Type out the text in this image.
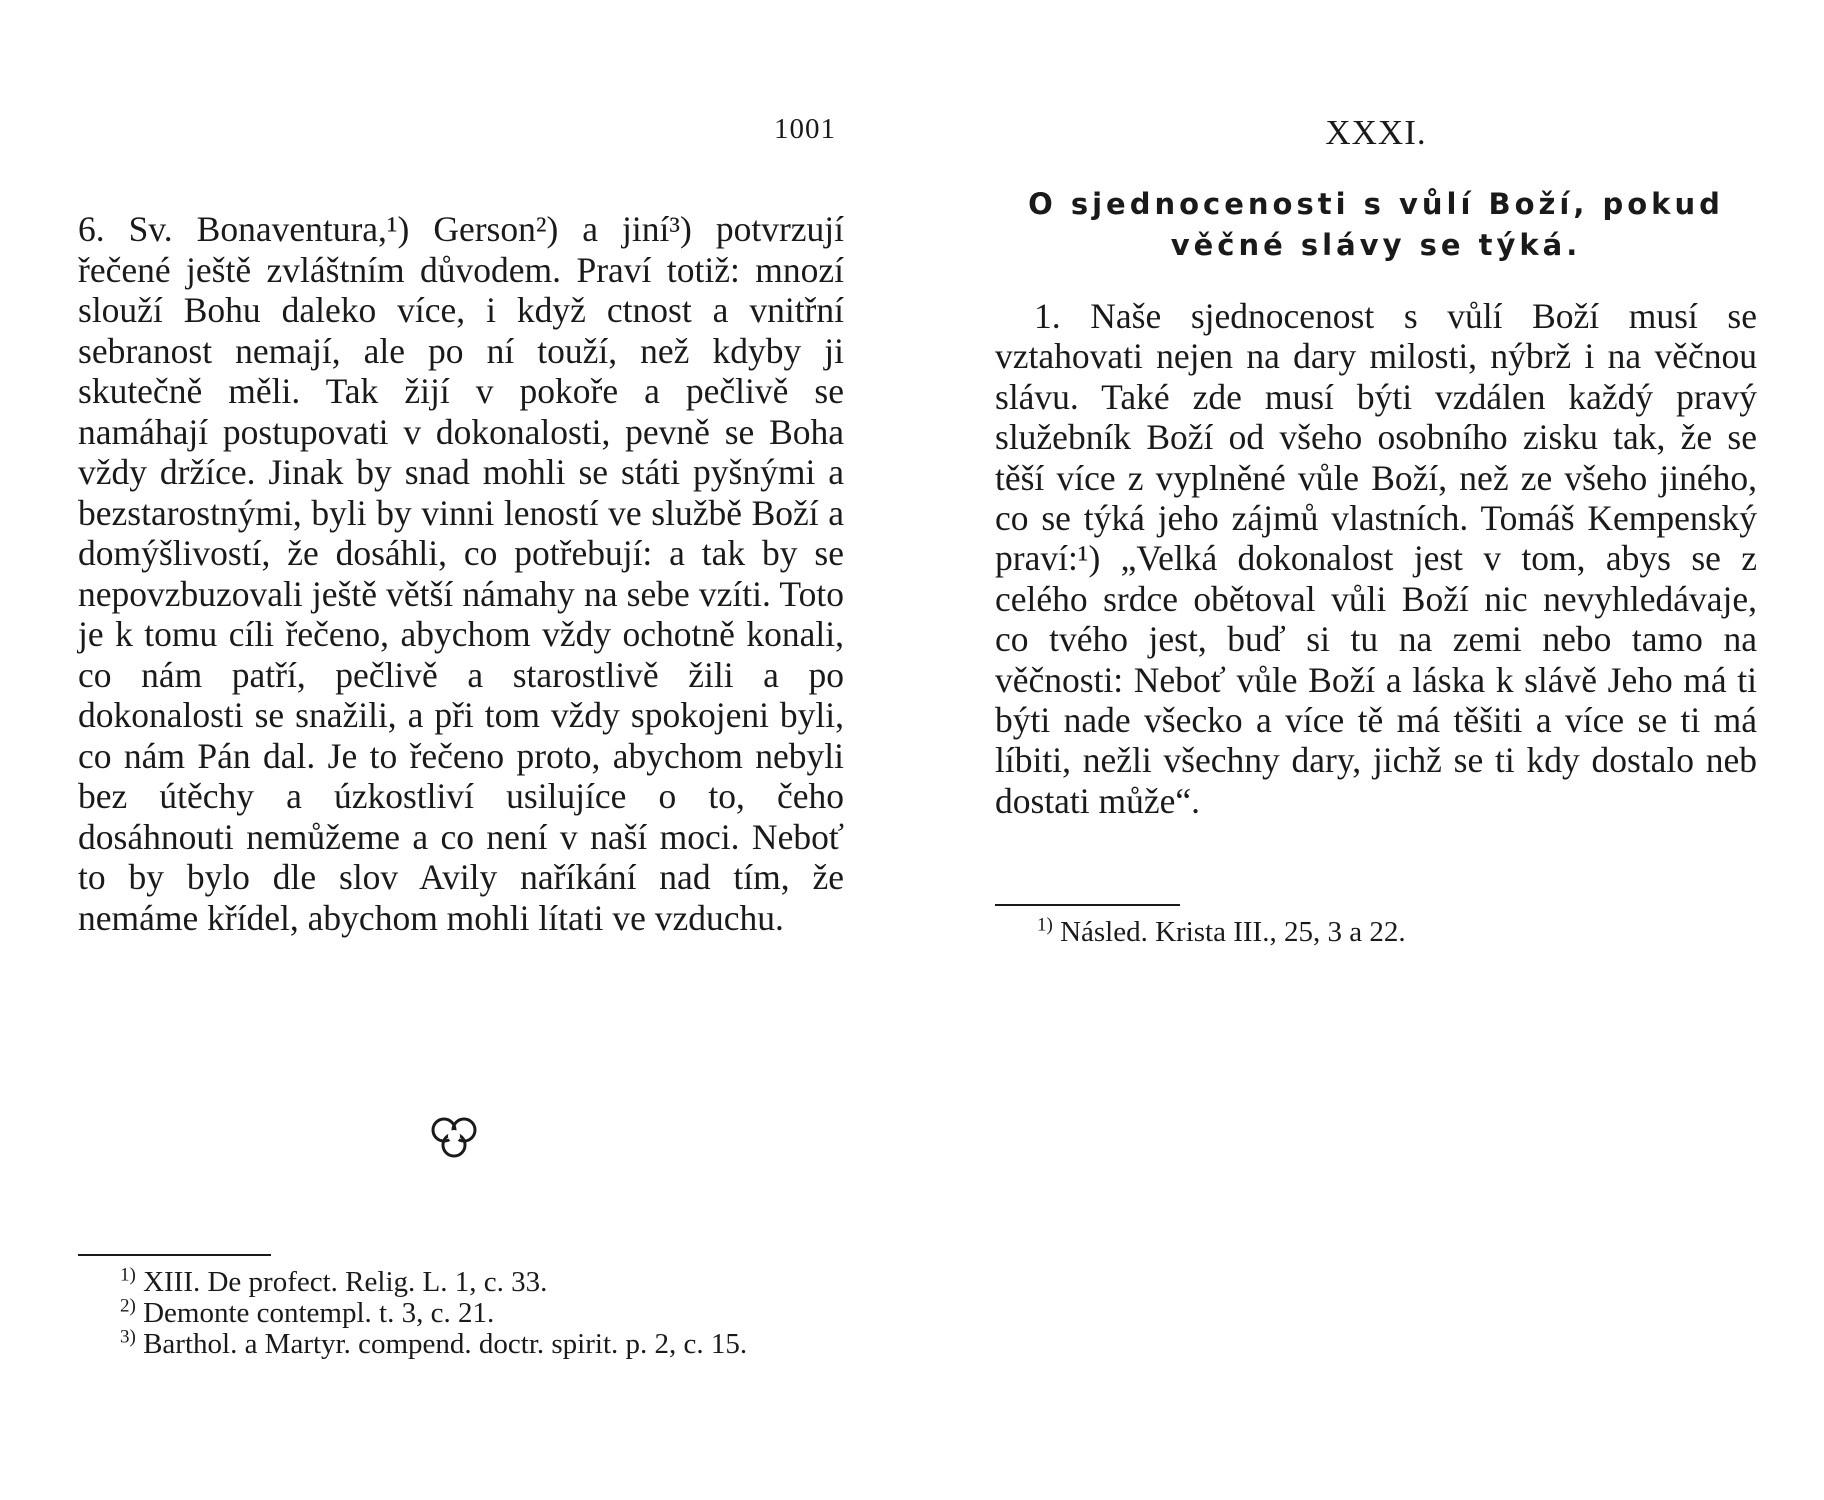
1001

6. Sv. Bonaventura,¹) Gerson²) a jiní³) potvrzují řečené ještě zvláštním důvodem. Praví totiž: mnozí slouží Bohu daleko více, i když ctnost a vnitřní sebranost nemají, ale po ní touží, než kdyby ji skutečně měli. Tak žijí v pokoře a pečlivě se namáhají postupovati v dokonalosti, pevně se Boha vždy držíce. Jinak by snad mohli se státi pyšnými a bezstarostnými, byli by vinni leností ve službě Boží a domýšlivostí, že dosáhli, co potřebují: a tak by se nepovzbuzovali ještě větší námahy na sebe vzíti. Toto je k tomu cíli řečeno, abychom vždy ochotně konali, co nám patří, pečlivě a starostlivě žili a po dokonalosti se snažili, a při tom vždy spokojeni byli, co nám Pán dal. Je to řečeno proto, abychom nebyli bez útěchy a úzkostliví usilujíce o to, čeho dosáhnouti nemůžeme a co není v naší moci. Neboť to by bylo dle slov Avily naříkání nad tím, že nemáme křídel, abychom mohli lítati ve vzduchu.

$^{1)}$ XIII. De profect. Relig. L. 1, c. 33.
$^{2)}$ Demonte contempl. t. 3, c. 21.
$^{3)}$ Barthol. a Martyr. compend. doctr. spirit. p. 2, c. 15.
XXXI.
O sjednocenosti s vůlí Boží, pokud věčné slávy se týká.

1. Naše sjednocenost s vůlí Boží musí se vztahovati nejen na dary milosti, nýbrž i na věčnou slávu. Také zde musí býti vzdálen každý pravý služebník Boží od všeho osobního zisku tak, že se těší více z vyplněné vůle Boží, než ze všeho jiného, co se týká jeho zájmů vlastních. Tomáš Kempenský praví:¹) „Velká dokonalost jest v tom, abys se z celého srdce obětoval vůli Boží nic nevyhledávaje, co tvého jest, buď si tu na zemi nebo tamo na věčnosti: Neboť vůle Boží a láska k slávě Jeho má ti býti nade všecko a více tě má těšiti a více se ti má líbiti, nežli všechny dary, jichž se ti kdy dostalo neb dostati může“.

$^{1)}$ Násled. Krista III., 25, 3 a 22.
